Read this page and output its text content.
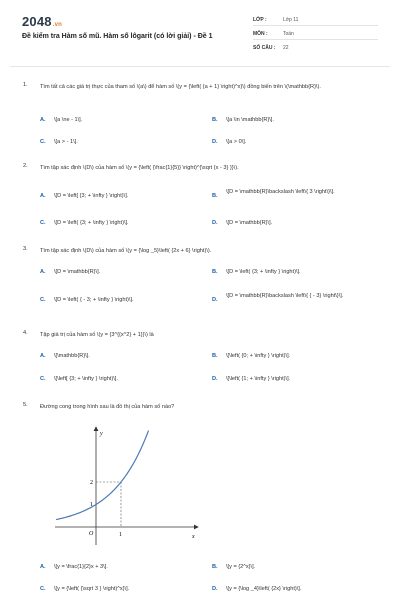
2048.vn
Đề kiểm tra Hàm số mũ. Hàm số lôgarit (có lời giải) - Đề 1
LỚP :	Lớp 11
MÔN :	Toán
SỐ CÂU : 22
1. Tìm tất cả các giá trị thực của tham số \(a\) để hàm số \(y = {\left( {a + 1} \right)^x}\) đồng biến trên \(\mathbb{R}\).
A. \[a \ne - 1\].	B. \[a \in \mathbb{R}\].
C. \[a > - 1\].	D. \[a > 0\].
2. Tìm tập xác định \(D\) của hàm số \(y = {\left( {\frac{1}{5}} \right)^{\sqrt {x - 3} }}\).
A. \[D = \left[ {3; + \infty } \right)\].	B.
\[D = \mathbb{R}\backslash \left\{ 3 \right\}\].
C. \[D = \left( {3; + \infty } \right)\].	D. \[D = \mathbb{R}\].
3. Tìm tập xác định \(D\) của hàm số \(y = {\log _5}\left( {2x + 6} \right)\).
A. \[D = \mathbb{R}\].	B. \[D = \left( {3; + \infty } \right)\].
C. \[D = \left( { - 3; + \infty } \right)\].	D.
\[D = \mathbb{R}\backslash \left\{ { - 3} \right\}\].
4. Tập giá trị của hàm số \(y = {3^{{x^2} + 1}}\) là
A. \[\mathbb{R}\].	B. \[\left( {0; + \infty } \right)\].
C. \[\left[ {3; + \infty } \right)\].	D. \[\left( {1; + \infty } \right)\].
5. Đường cong trong hình sau là đồ thị của hàm số nào?
y
x
O	1
1
2
A. \[y = \frac{1}{2}x + 3\].	B. \[y = {2^x}\].
C. \[y = {\left( {\sqrt 3 } \right)^x}\].	D. \[y = {\log _4}\left( {2x} \right)\].
